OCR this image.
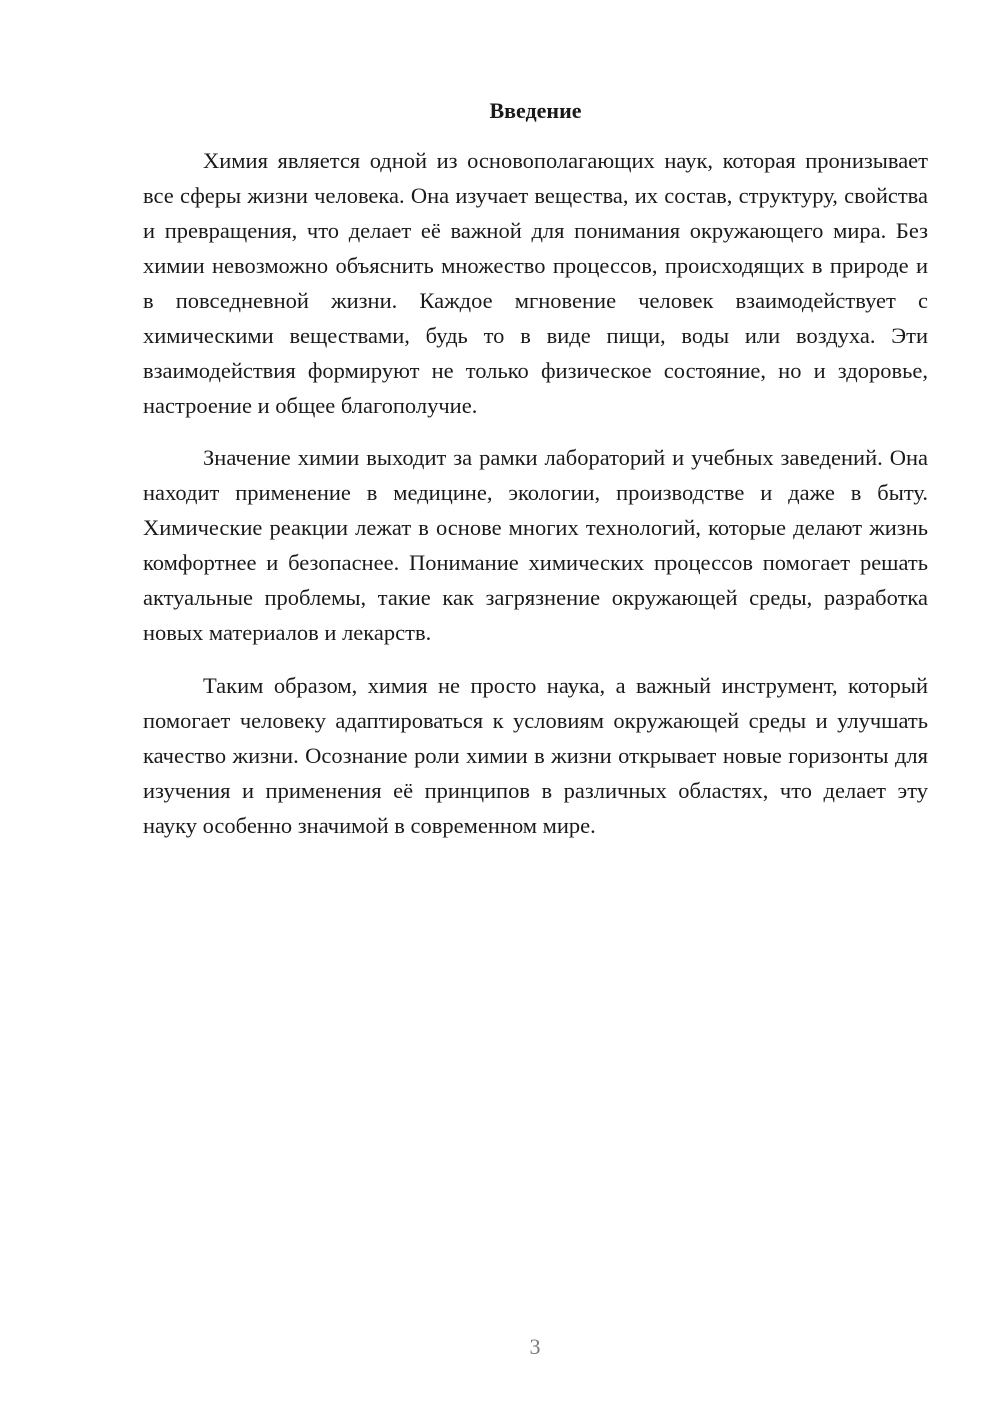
Введение

Химия является одной из основополагающих наук, которая пронизывает все сферы жизни человека. Она изучает вещества, их состав, структуру, свойства и превращения, что делает её важной для понимания окружающего мира. Без химии невозможно объяснить множество процессов, происходящих в природе и в повседневной жизни. Каждое мгновение человек взаимодействует с химическими веществами, будь то в виде пищи, воды или воздуха. Эти взаимодействия формируют не только физическое состояние, но и здоровье, настроение и общее благополучие.

Значение химии выходит за рамки лабораторий и учебных заведений. Она находит применение в медицине, экологии, производстве и даже в быту. Химические реакции лежат в основе многих технологий, которые делают жизнь комфортнее и безопаснее. Понимание химических процессов помогает решать актуальные проблемы, такие как загрязнение окружающей среды, разработка новых материалов и лекарств.

Таким образом, химия не просто наука, а важный инструмент, который помогает человеку адаптироваться к условиям окружающей среды и улучшать качество жизни. Осознание роли химии в жизни открывает новые горизонты для изучения и применения её принципов в различных областях, что делает эту науку особенно значимой в современном мире.

3
